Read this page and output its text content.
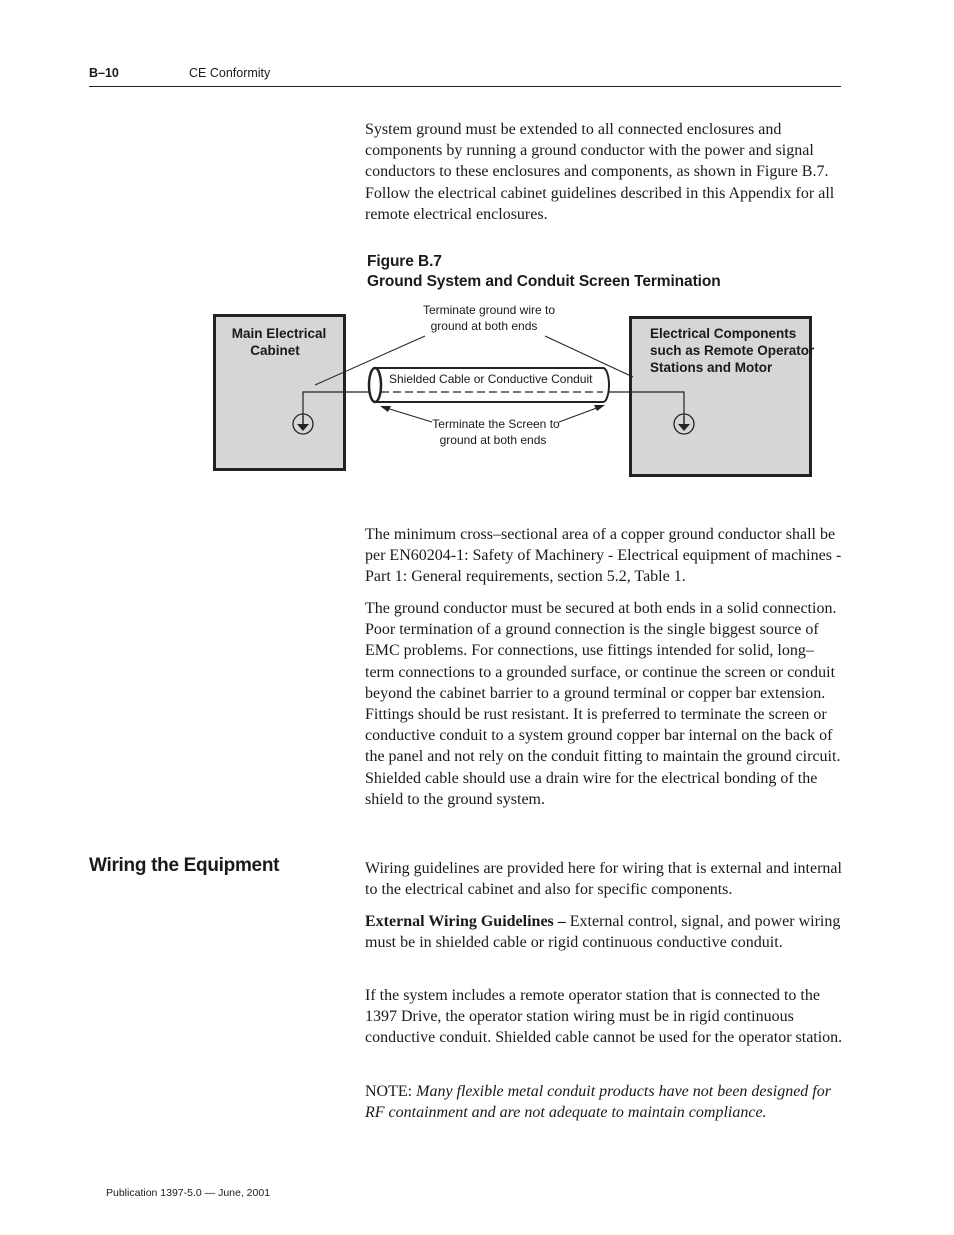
B–10	CE Conformity

System ground must be extended to all connected enclosures and components by running a ground conductor with the power and signal conductors to these enclosures and components, as shown in Figure B.7. Follow the electrical cabinet guidelines described in this Appendix for all remote electrical enclosures.

Figure B.7
Ground System and Conduit Screen Termination
Main Electrical
Cabinet
Electrical Components
such as Remote Operator
Stations and Motor
Shielded Cable or Conductive Conduit
Terminate ground wire to
ground at both ends
Terminate the Screen to
ground at both ends

The minimum cross–sectional area of a copper ground conductor shall be per EN60204-1: Safety of Machinery - Electrical equipment of machines - Part 1: General requirements, section 5.2, Table 1.

The ground conductor must be secured at both ends in a solid connection. Poor termination of a ground connection is the single biggest source of EMC problems. For connections, use fittings intended for solid, long–term connections to a grounded surface, or continue the screen or conduit beyond the cabinet barrier to a ground terminal or copper bar extension. Fittings should be rust resistant. It is preferred to terminate the screen or conductive conduit to a system ground copper bar internal on the back of the panel and not rely on the conduit fitting to maintain the ground circuit. Shielded cable should use a drain wire for the electrical bonding of the shield to the ground system.

Wiring the Equipment	Wiring guidelines are provided here for wiring that is external and internal to the electrical cabinet and also for specific components.

External Wiring Guidelines – External control, signal, and power wiring must be in shielded cable or rigid continuous conductive conduit.

If the system includes a remote operator station that is connected to the 1397 Drive, the operator station wiring must be in rigid continuous conductive conduit. Shielded cable cannot be used for the operator station.

NOTE: Many flexible metal conduit products have not been designed for RF containment and are not adequate to maintain compliance.

Publication 1397-5.0 — June, 2001
